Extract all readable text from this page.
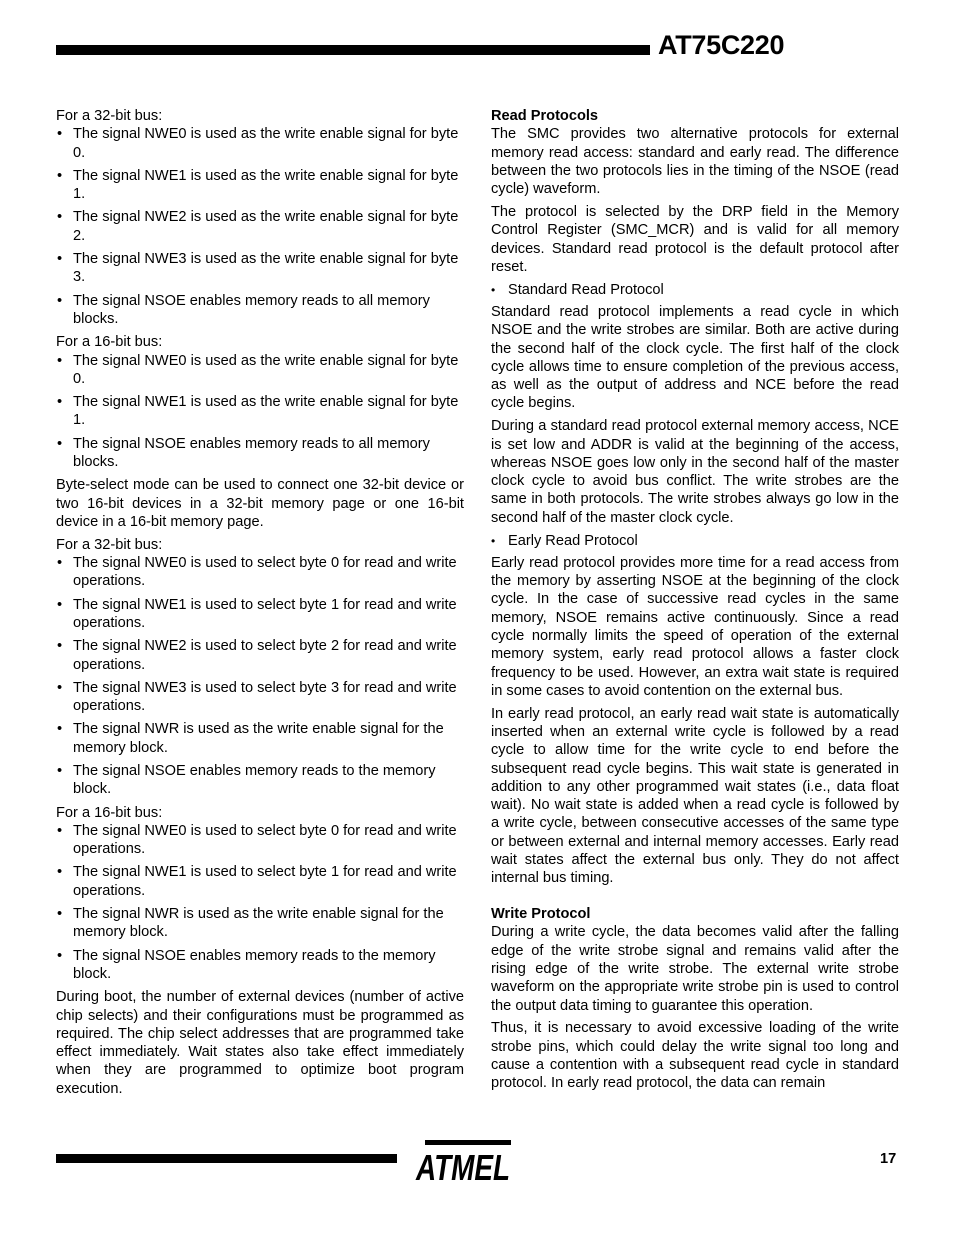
AT75C220

For a 32-bit bus:

• The signal NWE0 is used as the write enable signal for byte 0.
• The signal NWE1 is used as the write enable signal for byte 1.
• The signal NWE2 is used as the write enable signal for byte 2.
• The signal NWE3 is used as the write enable signal for byte 3.
• The signal NSOE enables memory reads to all memory blocks.

For a 16-bit bus:

• The signal NWE0 is used as the write enable signal for byte 0.
• The signal NWE1 is used as the write enable signal for byte 1.
• The signal NSOE enables memory reads to all memory blocks.

Byte-select mode can be used to connect one 32-bit device or two 16-bit devices in a 32-bit memory page or one 16-bit device in a 16-bit memory page.

For a 32-bit bus:

• The signal NWE0 is used to select byte 0 for read and write operations.
• The signal NWE1 is used to select byte 1 for read and write operations.
• The signal NWE2 is used to select byte 2 for read and write operations.
• The signal NWE3 is used to select byte 3 for read and write operations.
• The signal NWR is used as the write enable signal for the memory block.
• The signal NSOE enables memory reads to the memory block.

For a 16-bit bus:

• The signal NWE0 is used to select byte 0 for read and write operations.
• The signal NWE1 is used to select byte 1 for read and write operations.
• The signal NWR is used as the write enable signal for the memory block.
• The signal NSOE enables memory reads to the memory block.

During boot, the number of external devices (number of active chip selects) and their configurations must be programmed as required. The chip select addresses that are programmed take effect immediately. Wait states also take effect immediately when they are programmed to optimize boot program execution.

Read Protocols

The SMC provides two alternative protocols for external memory read access: standard and early read. The difference between the two protocols lies in the timing of the NSOE (read cycle) waveform.

The protocol is selected by the DRP field in the Memory Control Register (SMC_MCR) and is valid for all memory devices. Standard read protocol is the default protocol after reset.

• Standard Read Protocol

Standard read protocol implements a read cycle in which NSOE and the write strobes are similar. Both are active during the second half of the clock cycle. The first half of the clock cycle allows time to ensure completion of the previous access, as well as the output of address and NCE before the read cycle begins.

During a standard read protocol external memory access, NCE is set low and ADDR is valid at the beginning of the access, whereas NSOE goes low only in the second half of the master clock cycle to avoid bus conflict. The write strobes are the same in both protocols. The write strobes always go low in the second half of the master clock cycle.

• Early Read Protocol

Early read protocol provides more time for a read access from the memory by asserting NSOE at the beginning of the clock cycle. In the case of successive read cycles in the same memory, NSOE remains active continuously. Since a read cycle normally limits the speed of operation of the external memory system, early read protocol allows a faster clock frequency to be used. However, an extra wait state is required in some cases to avoid contention on the external bus.

In early read protocol, an early read wait state is automatically inserted when an external write cycle is followed by a read cycle to allow time for the write cycle to end before the subsequent read cycle begins. This wait state is generated in addition to any other programmed wait states (i.e., data float wait). No wait state is added when a read cycle is followed by a write cycle, between consecutive accesses of the same type or between external and internal memory accesses. Early read wait states affect the external bus only. They do not affect internal bus timing.

Write Protocol

During a write cycle, the data becomes valid after the falling edge of the write strobe signal and remains valid after the rising edge of the write strobe. The external write strobe waveform on the appropriate write strobe pin is used to control the output data timing to guarantee this operation.

Thus, it is necessary to avoid excessive loading of the write strobe pins, which could delay the write signal too long and cause a contention with a subsequent read cycle in standard protocol. In early read protocol, the data can remain

ATMEL	17
